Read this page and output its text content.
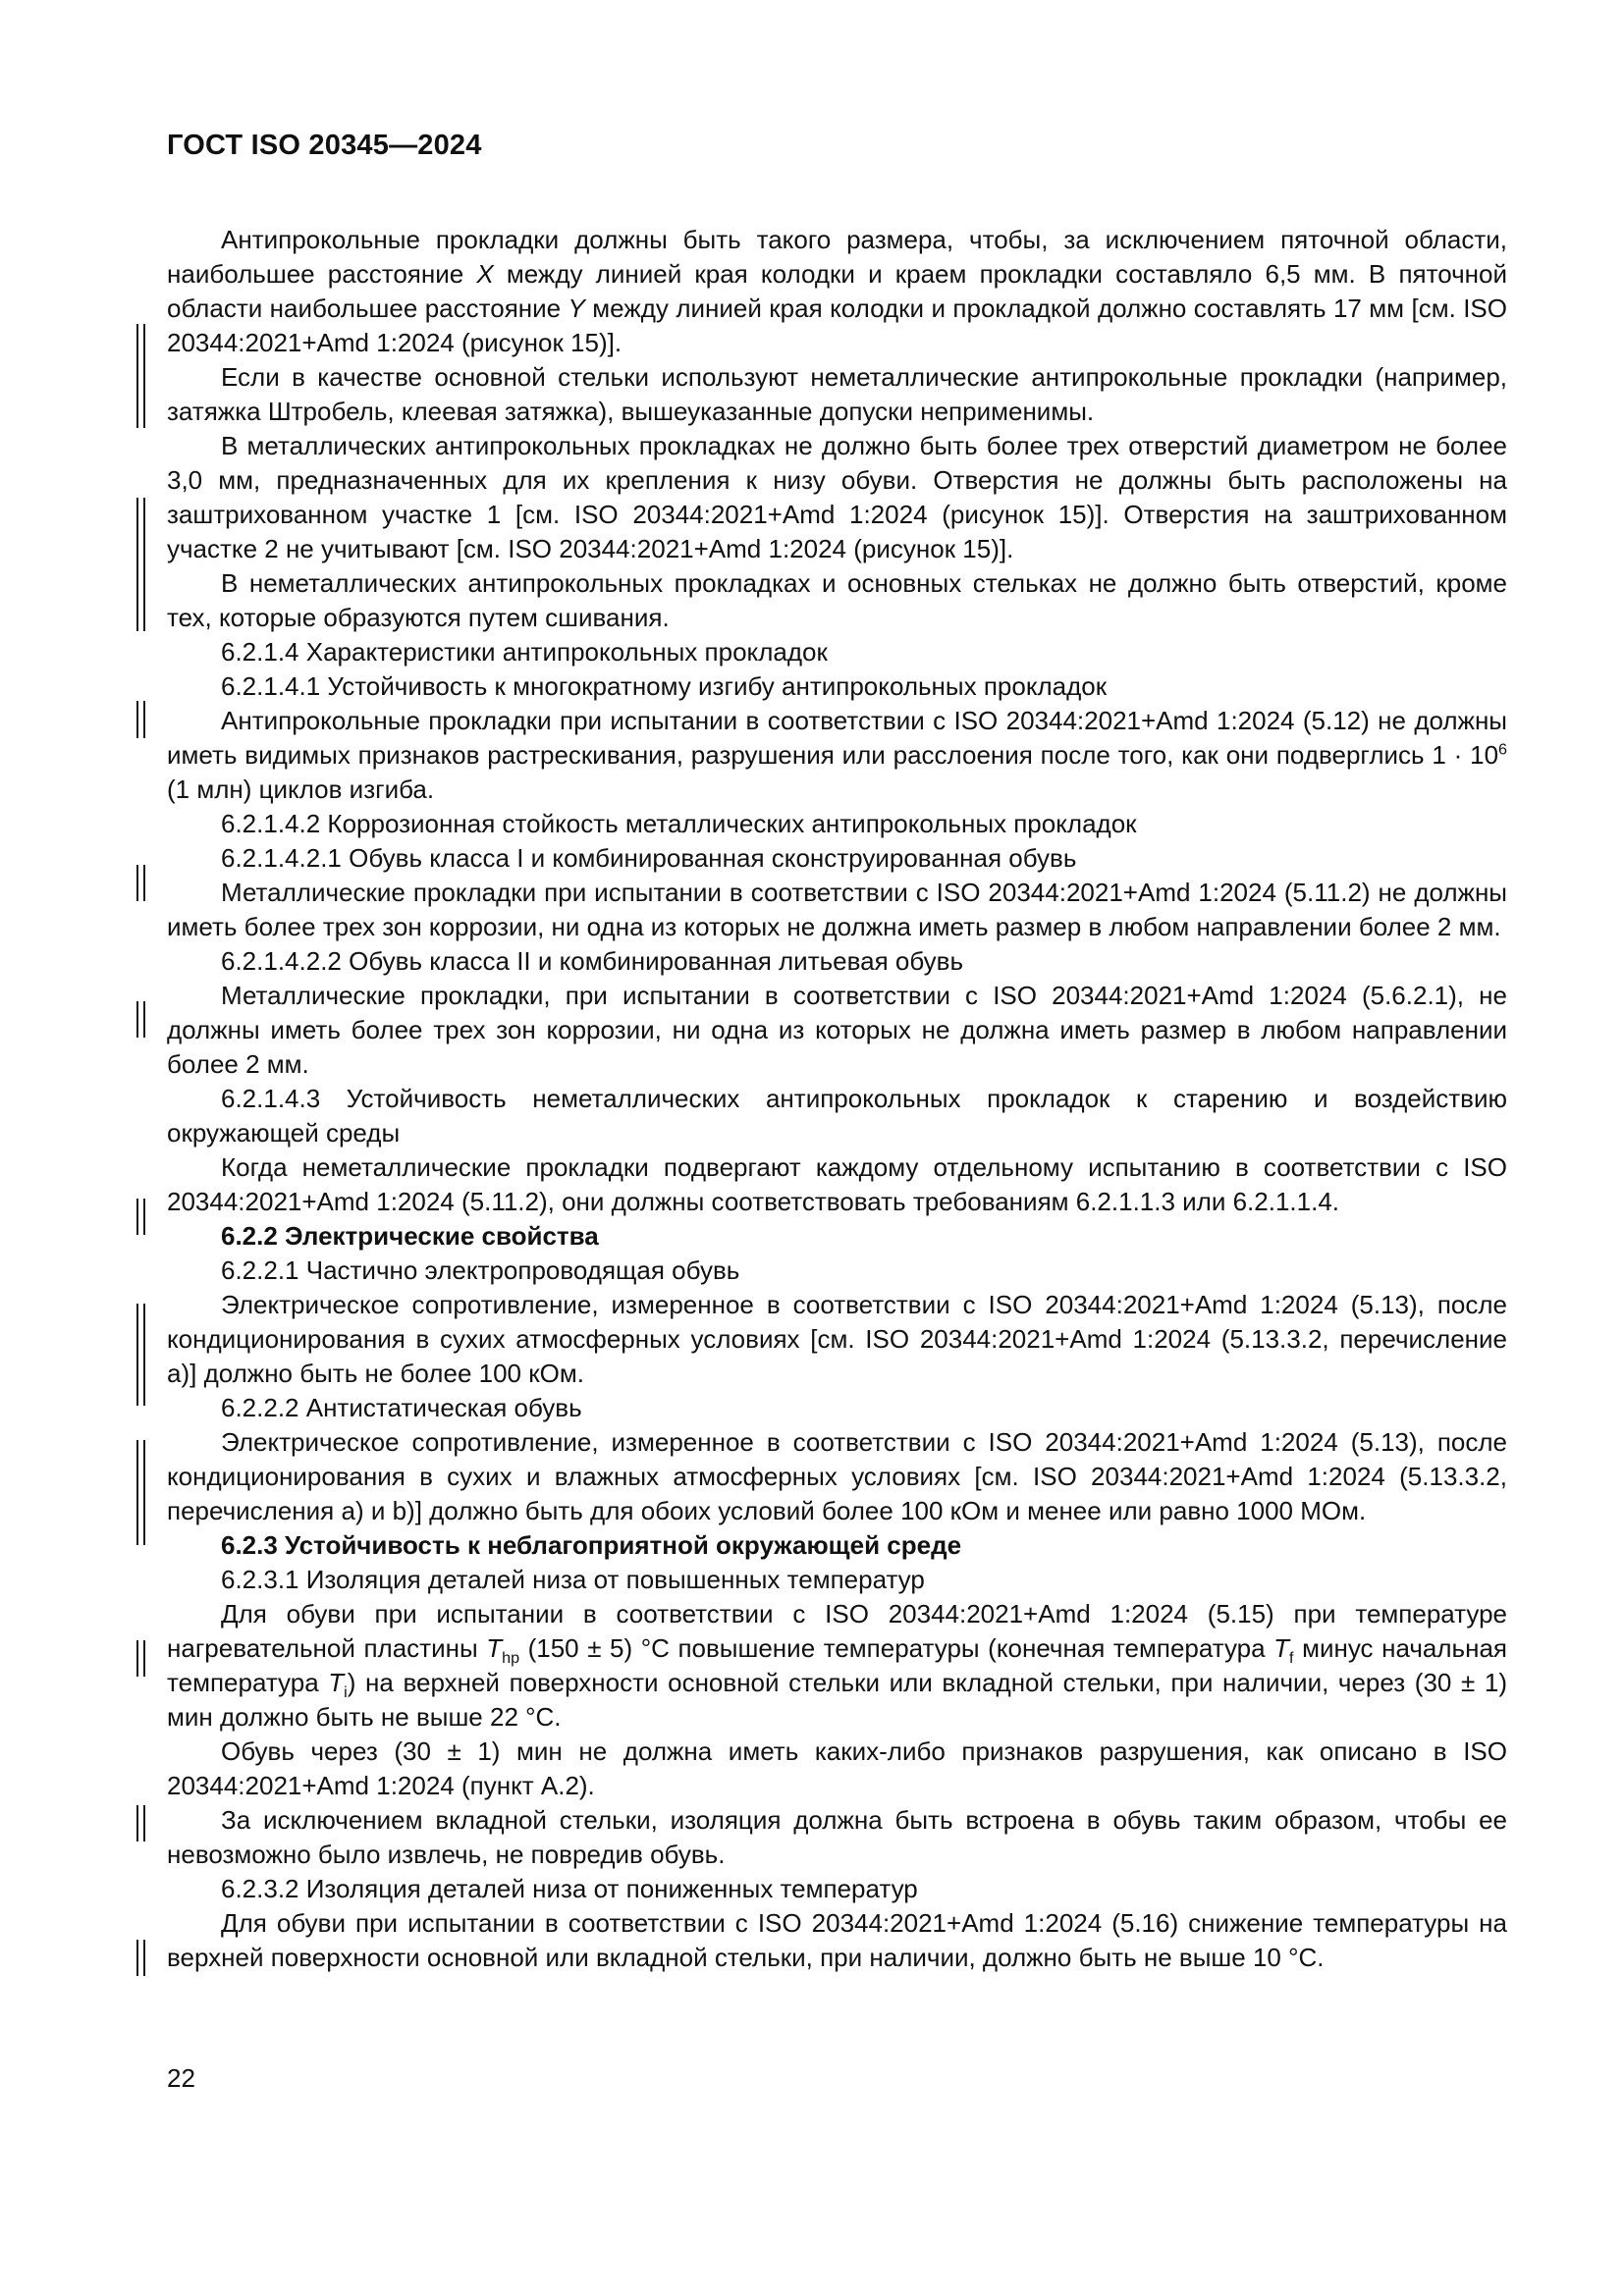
ГОСТ ISO 20345—2024

Антипрокольные прокладки должны быть такого размера, чтобы, за исключением пяточной области, наибольшее расстояние X между линией края колодки и краем прокладки составляло 6,5 мм. В пяточной области наибольшее расстояние Y между линией края колодки и прокладкой должно составлять 17 мм [см. ISO 20344:2021+Amd 1:2024 (рисунок 15)].

Если в качестве основной стельки используют неметаллические антипрокольные прокладки (например, затяжка Штробель, клеевая затяжка), вышеуказанные допуски неприменимы.

В металлических антипрокольных прокладках не должно быть более трех отверстий диаметром не более 3,0 мм, предназначенных для их крепления к низу обуви. Отверстия не должны быть расположены на заштрихованном участке 1 [см. ISO 20344:2021+Amd 1:2024 (рисунок 15)]. Отверстия на заштрихованном участке 2 не учитывают [см. ISO 20344:2021+Amd 1:2024 (рисунок 15)].

В неметаллических антипрокольных прокладках и основных стельках не должно быть отверстий, кроме тех, которые образуются путем сшивания.

6.2.1.4 Характеристики антипрокольных прокладок

6.2.1.4.1 Устойчивость к многократному изгибу антипрокольных прокладок

Антипрокольные прокладки при испытании в соответствии с ISO 20344:2021+Amd 1:2024 (5.12) не должны иметь видимых признаков растрескивания, разрушения или расслоения после того, как они подверглись $1 \cdot 10^6$ (1 млн) циклов изгиба.

6.2.1.4.2 Коррозионная стойкость металлических антипрокольных прокладок

6.2.1.4.2.1 Обувь класса I и комбинированная сконструированная обувь

Металлические прокладки при испытании в соответствии с ISO 20344:2021+Amd 1:2024 (5.11.2) не должны иметь более трех зон коррозии, ни одна из которых не должна иметь размер в любом направлении более 2 мм.

6.2.1.4.2.2 Обувь класса II и комбинированная литьевая обувь

Металлические прокладки, при испытании в соответствии с ISO 20344:2021+Amd 1:2024 (5.6.2.1), не должны иметь более трех зон коррозии, ни одна из которых не должна иметь размер в любом направлении более 2 мм.

6.2.1.4.3 Устойчивость неметаллических антипрокольных прокладок к старению и воздействию окружающей среды

Когда неметаллические прокладки подвергают каждому отдельному испытанию в соответствии с ISO 20344:2021+Amd 1:2024 (5.11.2), они должны соответствовать требованиям 6.2.1.1.3 или 6.2.1.1.4.

6.2.2 Электрические свойства

6.2.2.1 Частично электропроводящая обувь

Электрическое сопротивление, измеренное в соответствии с ISO 20344:2021+Amd 1:2024 (5.13), после кондиционирования в сухих атмосферных условиях [см. ISO 20344:2021+Amd 1:2024 (5.13.3.2, перечисление а)] должно быть не более 100 кОм.

6.2.2.2 Антистатическая обувь

Электрическое сопротивление, измеренное в соответствии с ISO 20344:2021+Amd 1:2024 (5.13), после кондиционирования в сухих и влажных атмосферных условиях [см. ISO 20344:2021+Amd 1:2024 (5.13.3.2, перечисления а) и b)] должно быть для обоих условий более 100 кОм и менее или равно 1000 МОм.

6.2.3 Устойчивость к неблагоприятной окружающей среде

6.2.3.1 Изоляция деталей низа от повышенных температур

Для обуви при испытании в соответствии с ISO 20344:2021+Amd 1:2024 (5.15) при температуре нагревательной пластины $T_{hp}$ (150 ± 5) °С повышение температуры (конечная температура $T_f$ минус начальная температура $T_i$) на верхней поверхности основной стельки или вкладной стельки, при наличии, через (30 ± 1) мин должно быть не выше 22 °С.

Обувь через (30 ± 1) мин не должна иметь каких-либо признаков разрушения, как описано в ISO 20344:2021+Amd 1:2024 (пункт А.2).

За исключением вкладной стельки, изоляция должна быть встроена в обувь таким образом, чтобы ее невозможно было извлечь, не повредив обувь.

6.2.3.2 Изоляция деталей низа от пониженных температур

Для обуви при испытании в соответствии с ISO 20344:2021+Amd 1:2024 (5.16) снижение температуры на верхней поверхности основной или вкладной стельки, при наличии, должно быть не выше 10 °С.

22
